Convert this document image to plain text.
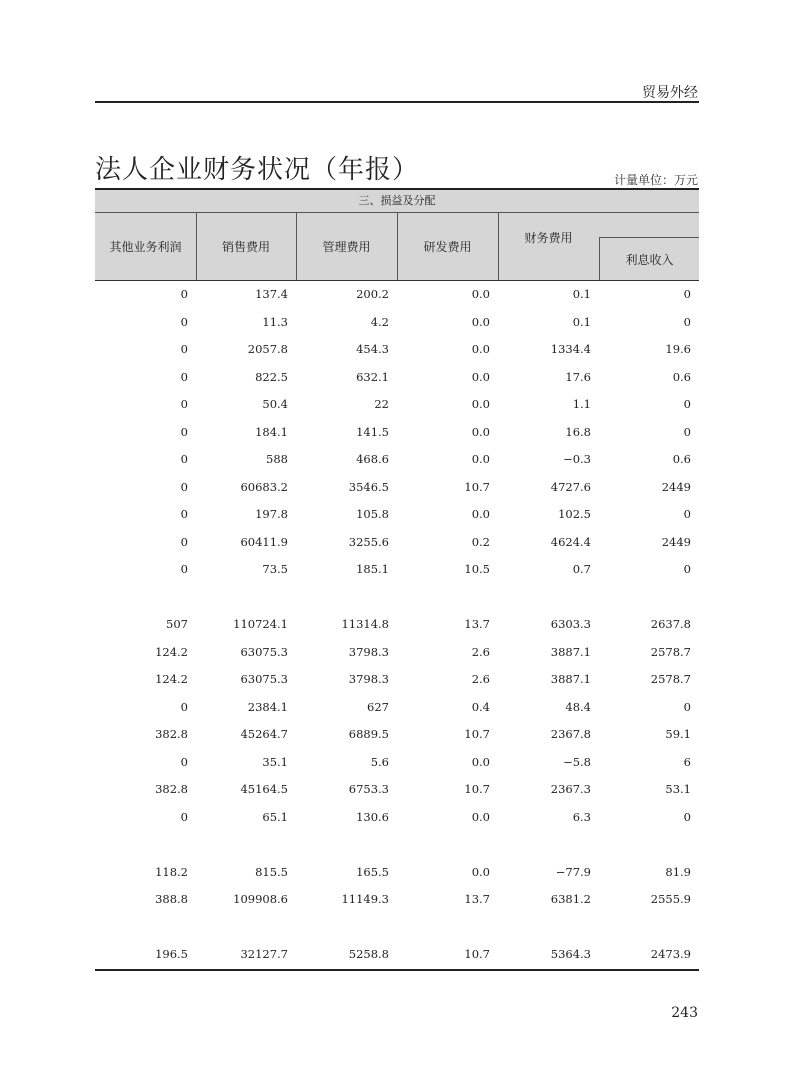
贸易外经
法人企业财务状况（年报）	计量单位：万元
三、损益及分配
其他业务利润	销售费用	管理费用	研发费用
财务费用
利息收入
0	137.4	200.2	0.0	0.1	0
0	11.3	4.2	0.0	0.1	0
0	2057.8	454.3	0.0	1334.4	19.6
0	822.5	632.1	0.0	17.6	0.6
0	50.4	22	0.0	1.1	0
0	184.1	141.5	0.0	16.8	0
0	588	468.6	0.0	−0.3	0.6
0	60683.2	3546.5	10.7	4727.6	2449
0	197.8	105.8	0.0	102.5	0
0	60411.9	3255.6	0.2	4624.4	2449
0	73.5	185.1	10.5	0.7	0
507	110724.1	11314.8	13.7	6303.3	2637.8
124.2	63075.3	3798.3	2.6	3887.1	2578.7
124.2	63075.3	3798.3	2.6	3887.1	2578.7
0	2384.1	627	0.4	48.4	0
382.8	45264.7	6889.5	10.7	2367.8	59.1
0	35.1	5.6	0.0	−5.8	6
382.8	45164.5	6753.3	10.7	2367.3	53.1
0	65.1	130.6	0.0	6.3	0
118.2	815.5	165.5	0.0	−77.9	81.9
388.8	109908.6	11149.3	13.7	6381.2	2555.9
196.5	32127.7	5258.8	10.7	5364.3	2473.9
243
